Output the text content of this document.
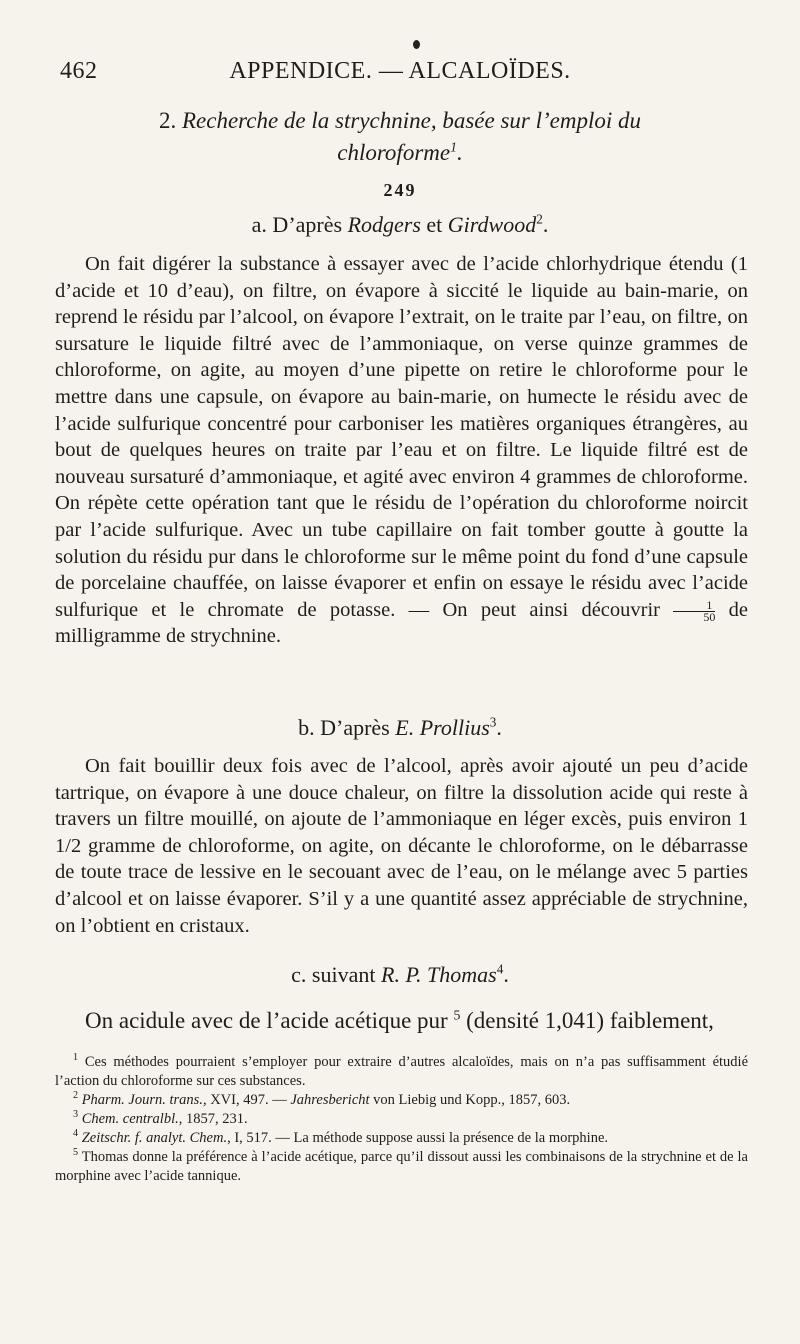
462	APPENDICE. — ALCALOÏDES.
2. Recherche de la strychnine, basée sur l’emploi du
chloroforme$^1$.
249
a. D’après Rodgers et Girdwood$^2$.

On fait digérer la substance à essayer avec de l’acide chlorhydrique étendu (1 d’acide et 10 d’eau), on filtre, on évapore à siccité le liquide au bain-marie, on reprend le résidu par l’alcool, on évapore l’extrait, on le traite par l’eau, on filtre, on sursature le liquide filtré avec de l’ammoniaque, on verse quinze grammes de chloroforme, on agite, au moyen d’une pipette on retire le chloroforme pour le mettre dans une capsule, on évapore au bain-marie, on humecte le résidu avec de l’acide sulfurique concentré pour carboniser les matières organiques étrangères, au bout de quelques heures on traite par l’eau et on filtre. Le liquide filtré est de nouveau sursaturé d’ammoniaque, et agité avec environ 4 grammes de chloroforme. On répète cette opération tant que le résidu de l’opération du chloroforme noircit par l’acide sulfurique. Avec un tube capillaire on fait tomber goutte à goutte la solution du résidu pur dans le chloroforme sur le même point du fond d’une capsule de porcelaine chauffée, on laisse évaporer et enfin on essaye le résidu avec l’acide sulfurique et le chromate de potasse. — On peut ainsi découvrir $\frac{1}{50}$ de milligramme de strychnine.

b. D’après E. Prollius$^3$.

On fait bouillir deux fois avec de l’alcool, après avoir ajouté un peu d’acide tartrique, on évapore à une douce chaleur, on filtre la dissolution acide qui reste à travers un filtre mouillé, on ajoute de l’ammoniaque en léger excès, puis environ 1 1/2 gramme de chloroforme, on agite, on décante le chloroforme, on le débarrasse de toute trace de lessive en le secouant avec de l’eau, on le mélange avec 5 parties d’alcool et on laisse évaporer. S’il y a une quantité assez appréciable de strychnine, on l’obtient en cristaux.

c. suivant R. P. Thomas$^4$.

On acidule avec de l’acide acétique pur $^5$ (densité 1,041) faiblement,

$^1$ Ces méthodes pourraient s’employer pour extraire d’autres alcaloïdes, mais on n’a pas suffisamment étudié l’action du chloroforme sur ces substances.

$^2$ Pharm. Journ. trans., XVI, 497. — Jahresbericht von Liebig und Kopp., 1857, 603.

$^3$ Chem. centralbl., 1857, 231.

$^4$ Zeitschr. f. analyt. Chem., I, 517. — La méthode suppose aussi la présence de la morphine.

$^5$ Thomas donne la préférence à l’acide acétique, parce qu’il dissout aussi les combinaisons de la strychnine et de la morphine avec l’acide tannique.
